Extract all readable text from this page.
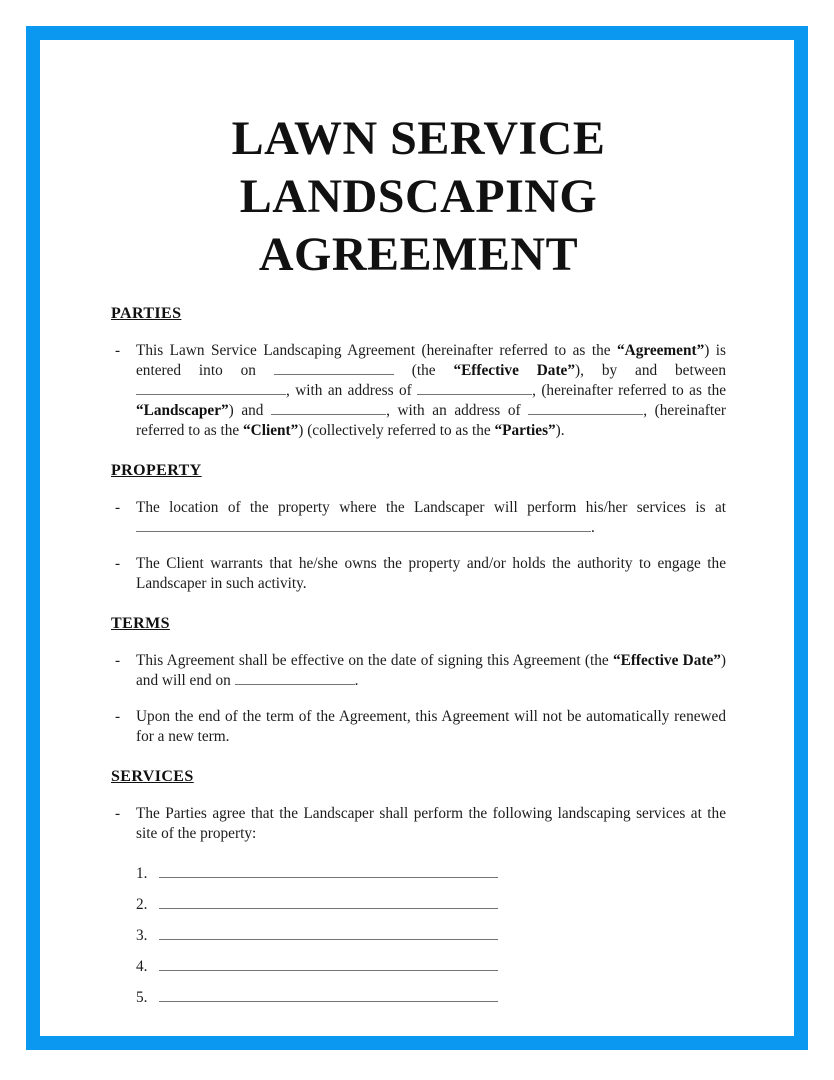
LAWN SERVICE
LANDSCAPING
AGREEMENT
PARTIES
-	This Lawn Service Landscaping Agreement (hereinafter referred to as the “Agreement”) is entered into on	(the “Effective Date”), by and between , with an address of	, (hereinafter referred to as the “Landscaper”) and	, with an address of	, (hereinafter referred to as the “Client”) (collectively referred to as the “Parties”).
PROPERTY
-	The location of the property where the Landscaper will perform his/her services is at .
-	The Client warrants that he/she owns the property and/or holds the authority to engage the Landscaper in such activity.
TERMS
-	This Agreement shall be effective on the date of signing this Agreement (the “Effective Date”) and will end on	.
-	Upon the end of the term of the Agreement, this Agreement will not be automatically renewed for a new term.
SERVICES
-	The Parties agree that the Landscaper shall perform the following landscaping services at the site of the property:
1.
2.
3.
4.
5.
